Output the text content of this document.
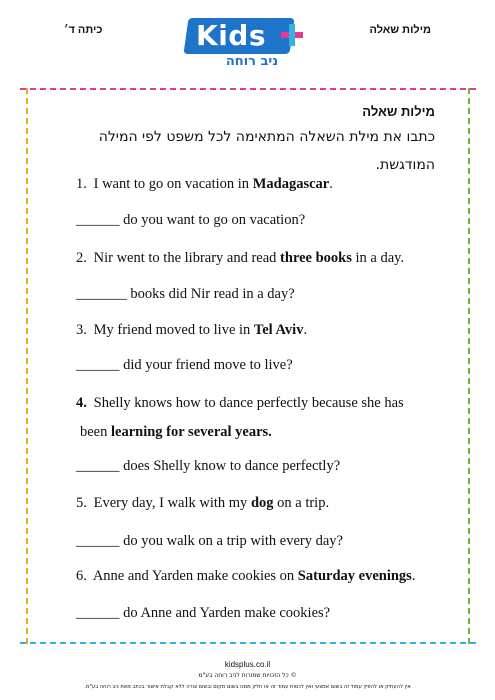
כיתה ד׳	מילות שאלה
Kids
ניב רוחה
מילות שאלה
כתבו את מילת השאלה המתאימה לכל משפט לפי המילה המודגשת.
1. I want to go on vacation in Madagascar.
______ do you want to go on vacation?
2. Nir went to the library and read three books in a day.
_______ books did Nir read in a day?
3. My friend moved to live in Tel Aviv.
______ did your friend move to live?
4. Shelly knows how to dance perfectly because she has
been learning for several years.
______ does Shelly know to dance perfectly?
5. Every day, I walk with my dog on a trip.
______ do you walk on a trip with every day?
6. Anne and Yarden make cookies on Saturday evenings.
______ do Anne and Yarden make cookies?
kidsplus.co.il
© כל הזכויות שמורות לניב רוחה בע"מ
אין להעתיק או להפיץ עמוד זה בשום אמצעי ואין לכסות עמוד זה או חלק ממנו בשום מקום ובשום צורה ללא קבלת אישור בכתב מאת ניב רוחה בע"מ.
